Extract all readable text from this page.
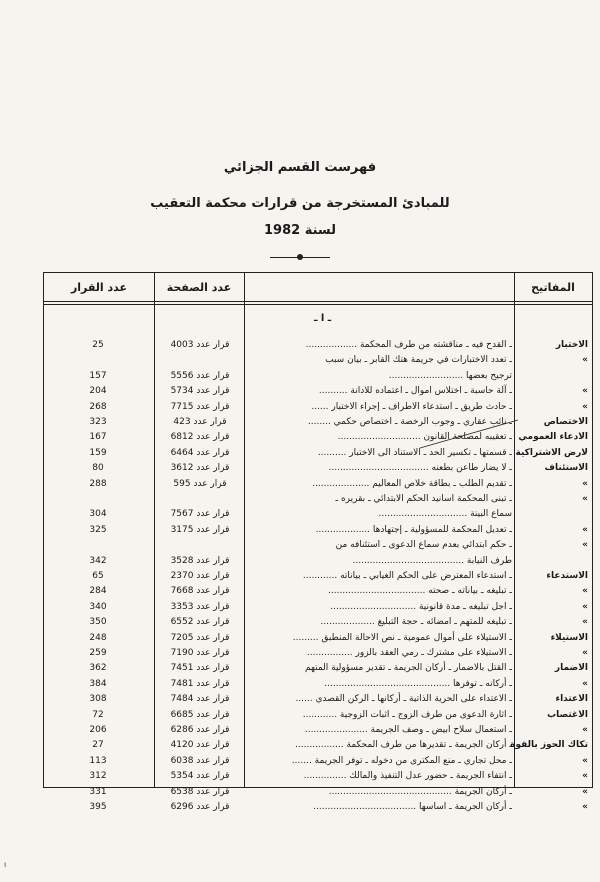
فهرست القسم الجزائي
للمبادئ المستخرجة من قرارات محكمة التعقيب
لسنة 1982
المفاتيح
عدد الصفحة
عدد القرار
ـ ا ـ
الاختبار
ـ القدح فيه ـ مناقشته من طرف المحكمة ..................
قرار عدد 4003
25
»
ـ تعدد الاختبارات في جريمة هتك القابر ـ بيان سبب
ترجيح بعضها ..........................
قرار عدد 5556
157
»
ـ آلة حاسبة ـ اختلاس اموال ـ اعتماده للادانة ..........
قرار عدد 5734
204
»
ـ حادث طريق ـ استدعاء الاطراف ـ إجراء الاختبار ......
قرار عدد 7715
268
الاختصاص
ـ نائب عقاري ـ وجوب الرخصة ـ اختصاص حكمي ........
قرار عدد 423
323
الادعاء العمومي
ـ تعقيبه لمصلحة القانون .............................
قرار عدد 6812
167
لارض الاشتراكية
ـ قسمتها ـ تكسير الحد ـ الاستناد الى الاختبار ..........
قرار عدد 6464
159
الاستئناف
ـ لا يضار طاعن بطعنه ...................................
قرار عدد 3612
80
»
ـ تقديم الطلب ـ بطاقة خلاص المعاليم ....................
قرار عدد 595
288
»
ـ تبنى المحكمة اسانيد الحكم الابتدائي ـ بقريره ـ
سماع البينة ...............................
قرار عدد 7567
304
»
ـ تعديل المحكمة للمسؤولية ـ إجتهادها ...................
قرار عدد 3175
325
»
ـ حكم ابتدائي بعدم سماع الدعوى ـ استئنافه من
طرف النيابة .......................................
قرار عدد 3528
342
الاستدعاء
ـ استدعاء المعترض على الحكم الغيابي ـ بياناته ............
قرار عدد 2370
65
»
ـ تبليغه ـ بياناته ـ صحته ..................................
قرار عدد 7668
284
»
ـ اجل تبليغه ـ مدة قانونية ..............................
قرار عدد 3353
340
»
ـ تبليغه للمتهم ـ امضائه ـ حجة التبليغ ...................
قرار عدد 6552
350
الاستيلاء
ـ الاستيلاء على أموال عمومية ـ نص الاحالة المنطبق .........
قرار عدد 7205
248
»
ـ الاستيلاء على مشترك ـ رمي العقد بالزور ................
قرار عدد 7190
259
الاضمار
ـ القتل بالاضمار ـ أركان الجريمة ـ تقدير مسؤولية المتهم
قرار عدد 7451
362
»
ـ أركانه ـ توفرها ............................................
قرار عدد 7481
384
الاعتداء
ـ الاعتداء على الحرية الذاتية ـ أركانها ـ الركن القصدي ......
قرار عدد 7484
308
الاغتصاب
ـ اثارة الدعوى من طرف الزوج ـ اثبات الزوجية ............
قرار عدد 6685
72
»
ـ استعمال سلاح ابيض ـ وصف الجريمة ......................
قرار عدد 6286
206
تكاك الحوز بالقوة
ـ أركان الجريمة ـ تقديرها من طرف المحكمة .................
قرار عدد 4120
27
»
ـ محل تجاري ـ منع المكترى من دخوله ـ توفر الجريمة .......
قرار عدد 6038
113
»
ـ انتفاء الجريمة ـ حضور عدل التنفيذ والمالك ...............
قرار عدد 5354
312
»
ـ أركان الجريمة ...........................................
قرار عدد 6538
331
»
ـ أركان الجريمة ـ اساسها ....................................
قرار عدد 6296
395
ı
